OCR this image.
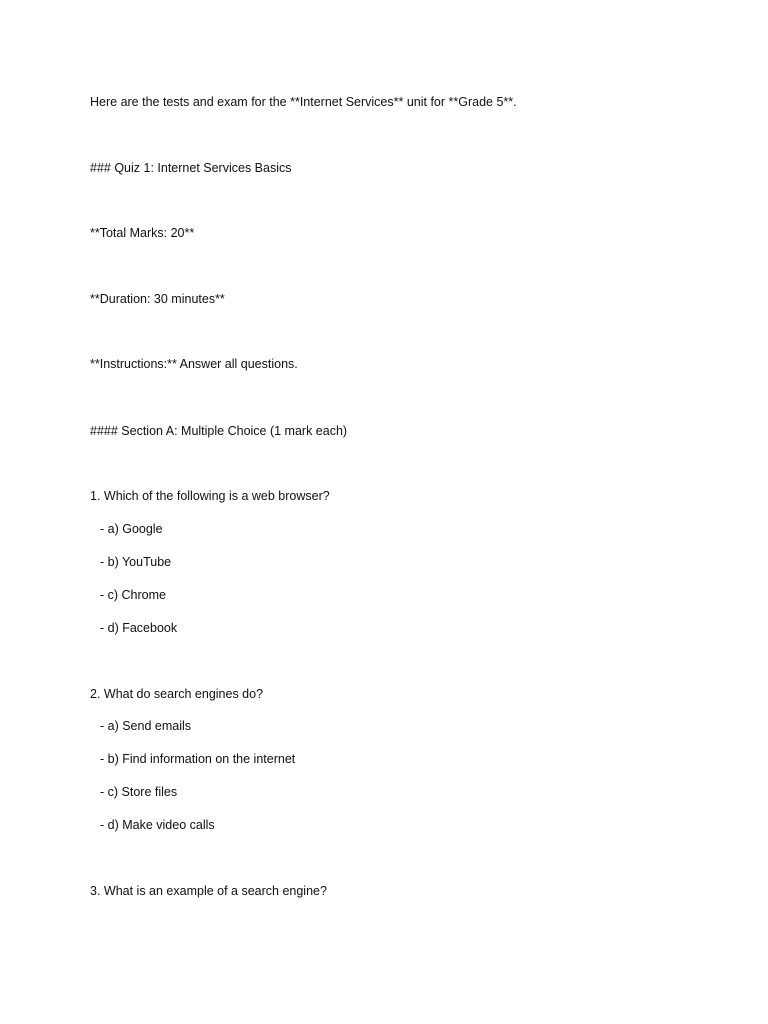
Here are the tests and exam for the **Internet Services** unit for **Grade 5**.
### Quiz 1: Internet Services Basics
**Total Marks: 20**
**Duration: 30 minutes**
**Instructions:** Answer all questions.
#### Section A: Multiple Choice (1 mark each)
1. Which of the following is a web browser?
- a) Google
- b) YouTube
- c) Chrome
- d) Facebook
2. What do search engines do?
- a) Send emails
- b) Find information on the internet
- c) Store files
- d) Make video calls
3. What is an example of a search engine?
